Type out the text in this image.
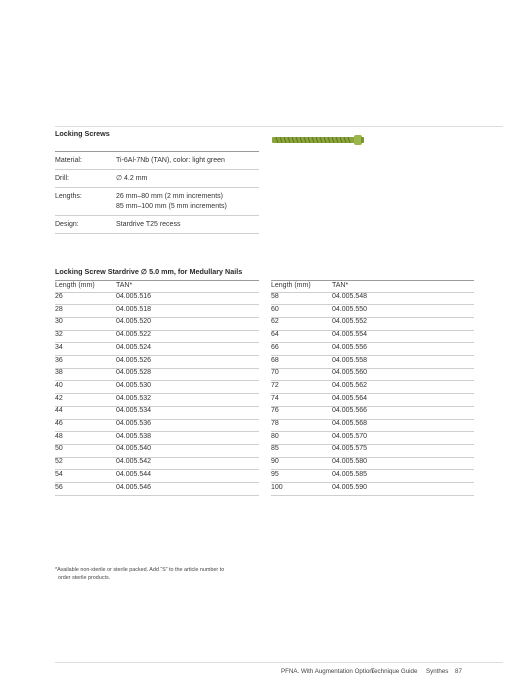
Locking Screws
Material:	Ti-6Al-7Nb (TAN), color: light green
Drill:	∅ 4.2 mm
Lengths:	26 mm–80 mm (2 mm increments)
85 mm–100 mm (5 mm increments)
Design:	Stardrive T25 recess
Locking Screw Stardrive ∅ 5.0 mm, for Medullary Nails
Length (mm)	TAN*	Length (mm)	TAN*
26	04.005.516
28	04.005.518
30	04.005.520
32	04.005.522
34	04.005.524
36	04.005.526
38	04.005.528
40	04.005.530
42	04.005.532
44	04.005.534
46	04.005.536
48	04.005.538
50	04.005.540
52	04.005.542
54	04.005.544
56	04.005.546
58	04.005.548
60	04.005.550
62	04.005.552
64	04.005.554
66	04.005.556
68	04.005.558
70	04.005.560
72	04.005.562
74	04.005.564
76	04.005.566
78	04.005.568
80	04.005.570
85	04.005.575
90	04.005.580
95	04.005.585
100	04.005.590
*Available non-sterile or sterile packed. Add “S” to the article number to
order sterile products.
PFNA. With Augmentation Option.
Technique Guide Synthes 87
